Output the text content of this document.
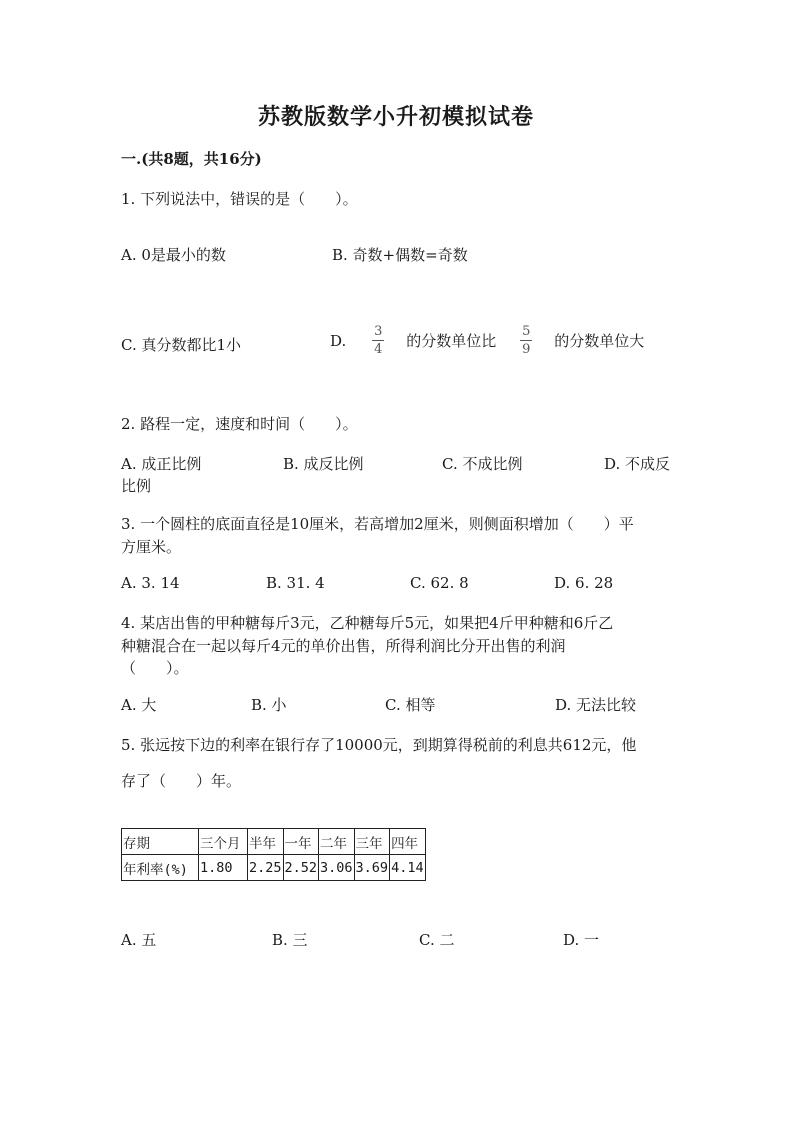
苏教版数学小升初模拟试卷
一.(共8题，共16分)
1. 下列说法中，错误的是（　　）。
A. 0是最小的数	B. 奇数+偶数=奇数
C. 真分数都比1小	D. $\frac{3}{4}$ 的分数单位比 $\frac{5}{9}$ 的分数单位大
2. 路程一定，速度和时间（　　）。
A. 成正比例	B. 成反比例	C. 不成比例	D. 不成反
比例
3. 一个圆柱的底面直径是10厘米，若高增加2厘米，则侧面积增加（　　）平
方厘米。
A. 3. 14	B. 31. 4	C. 62. 8	D. 6. 28
4. 某店出售的甲种糖每斤3元，乙种糖每斤5元，如果把4斤甲种糖和6斤乙
种糖混合在一起以每斤4元的单价出售，所得利润比分开出售的利润
（　　）。
A. 大	B. 小	C. 相等	D. 无法比较
5. 张远按下边的利率在银行存了10000元，到期算得税前的利息共612元，他
存了（　　）年。
存期	三个月	半年	一年	二年	三年	四年
年利率(%)	1.80	2.25	2.52	3.06	3.69	4.14
A. 五	B. 三	C. 二	D. 一
